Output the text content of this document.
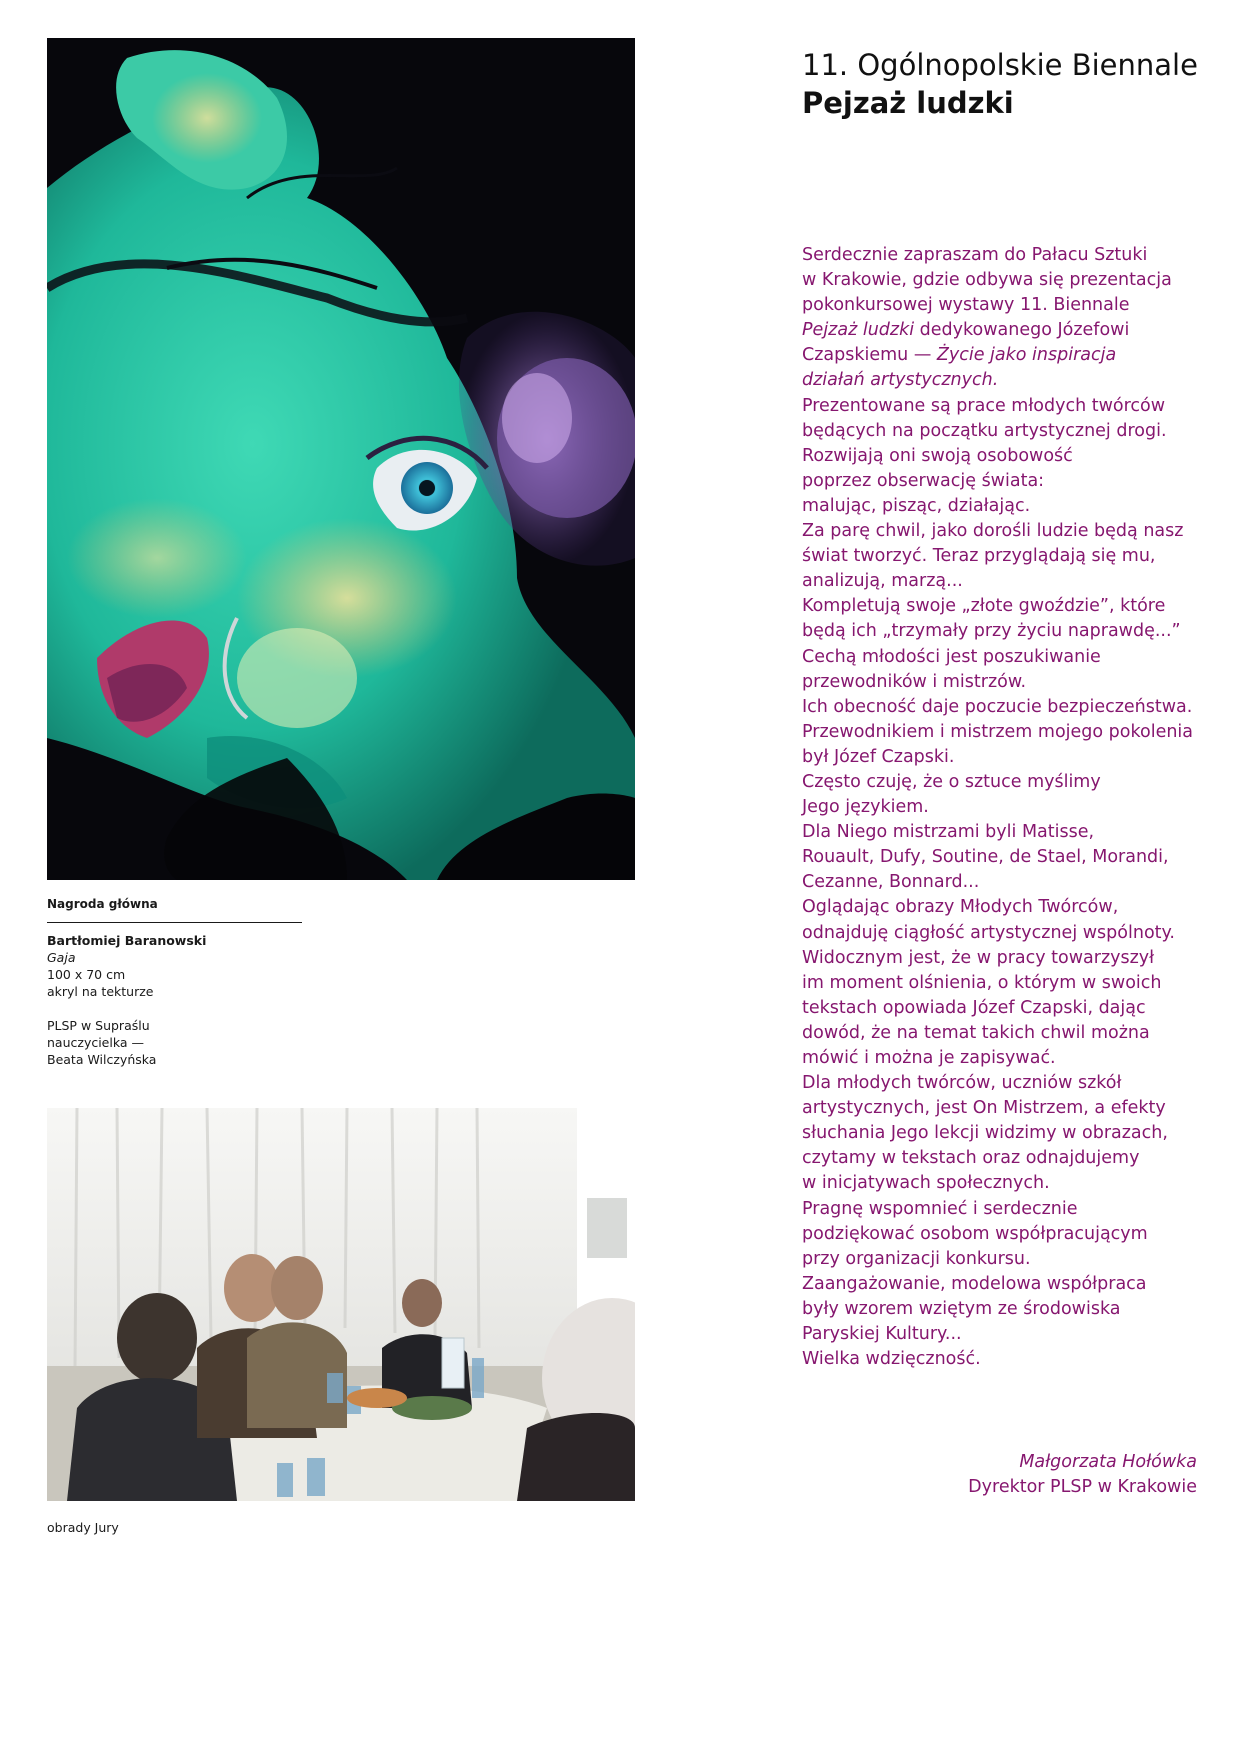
Nagroda główna
Bartłomiej Baranowski
Gaja
100 x 70 cm
akryl na tekturze
PLSP w Supraślu
nauczycielka —
Beata Wilczyńska
obrady Jury
11. Ogólnopolskie Biennale
Pejzaż ludzki
Serdecznie zapraszam do Pałacu Sztuki
w Krakowie, gdzie odbywa się prezentacja
pokonkursowej wystawy 11. Biennale
Pejzaż ludzki dedykowanego Józefowi
Czapskiemu — Życie jako inspiracja
działań artystycznych.
Prezentowane są prace młodych twórców
będących na początku artystycznej drogi.
Rozwijają oni swoją osobowość
poprzez obserwację świata:
malując, pisząc, działając.
Za parę chwil, jako dorośli ludzie będą nasz
świat tworzyć. Teraz przyglądają się mu,
analizują, marzą...
Kompletują swoje „złote gwoździe”, które
będą ich „trzymały przy życiu naprawdę...”
Cechą młodości jest poszukiwanie
przewodników i mistrzów.
Ich obecność daje poczucie bezpieczeństwa.
Przewodnikiem i mistrzem mojego pokolenia
był Józef Czapski.
Często czuję, że o sztuce myślimy
Jego językiem.
Dla Niego mistrzami byli Matisse,
Rouault, Dufy, Soutine, de Stael, Morandi,
Cezanne, Bonnard...
Oglądając obrazy Młodych Twórców,
odnajduję ciągłość artystycznej wspólnoty.
Widocznym jest, że w pracy towarzyszył
im moment olśnienia, o którym w swoich
tekstach opowiada Józef Czapski, dając
dowód, że na temat takich chwil można
mówić i można je zapisywać.
Dla młodych twórców, uczniów szkół
artystycznych, jest On Mistrzem, a efekty
słuchania Jego lekcji widzimy w obrazach,
czytamy w tekstach oraz odnajdujemy
w inicjatywach społecznych.
Pragnę wspomnieć i serdecznie
podziękować osobom współpracującym
przy organizacji konkursu.
Zaangażowanie, modelowa współpraca
były wzorem wziętym ze środowiska
Paryskiej Kultury...
Wielka wdzięczność.
Małgorzata Hołówka
Dyrektor PLSP w Krakowie
